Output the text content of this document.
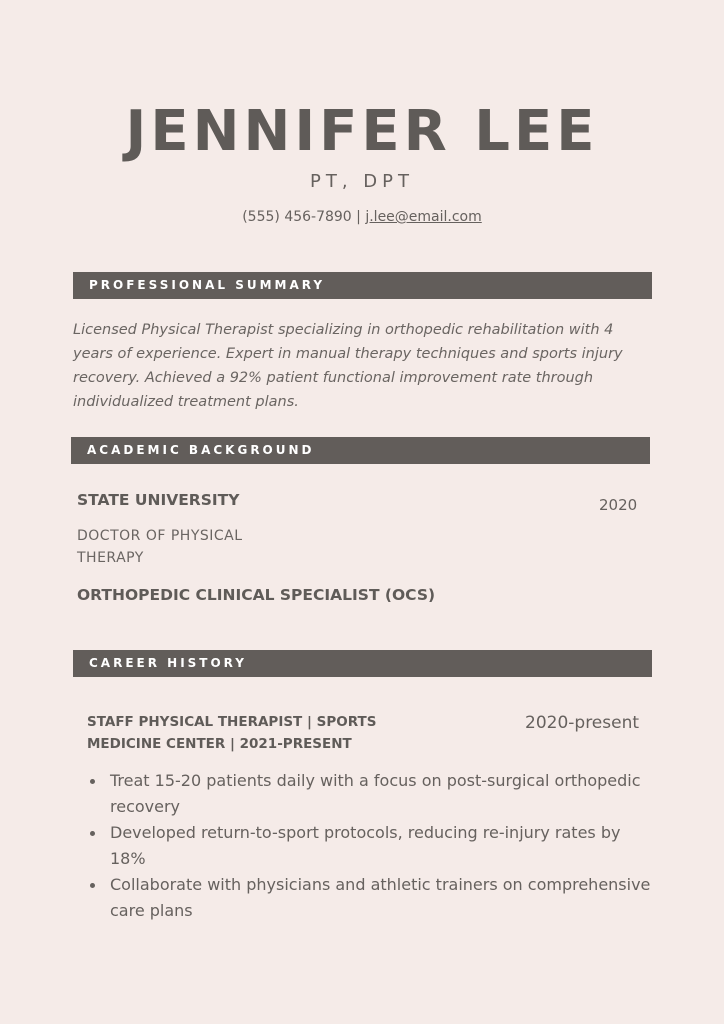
JENNIFER LEE
PT, DPT
(555) 456-7890 | j.lee@email.com
PROFESSIONAL SUMMARY
Licensed Physical Therapist specializing in orthopedic rehabilitation with 4 years of experience. Expert in manual therapy techniques and sports injury recovery. Achieved a 92% patient functional improvement rate through individualized treatment plans.
ACADEMIC BACKGROUND
STATE UNIVERSITY	2020
DOCTOR OF PHYSICAL
THERAPY
ORTHOPEDIC CLINICAL SPECIALIST (OCS)
CAREER HISTORY
STAFF PHYSICAL THERAPIST | SPORTS
MEDICINE CENTER | 2021-PRESENT
2020-present
Treat 15-20 patients daily with a focus on post-surgical orthopedic recovery
Developed return-to-sport protocols, reducing re-injury rates by 18%
Collaborate with physicians and athletic trainers on comprehensive care plans
